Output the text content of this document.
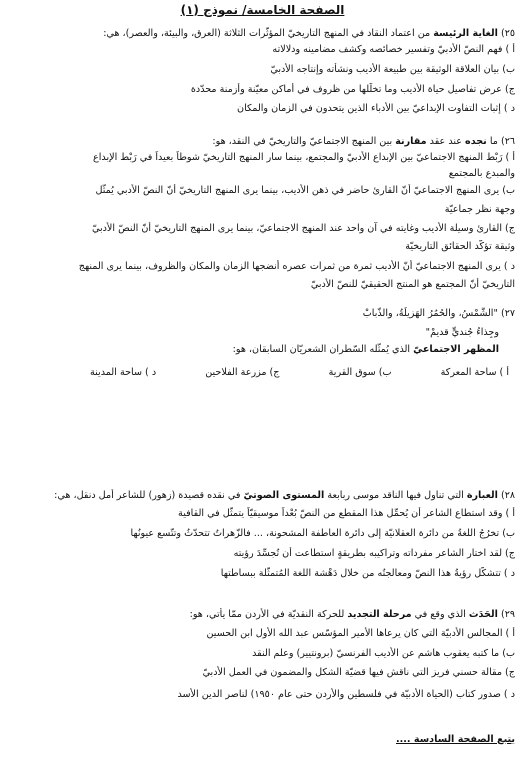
الصفحة الخامسة/ نموذج (١)
٢٥) الغاية الرئيسة من اعتماد النقاد في المنهج التاريخيّ المؤثّرات الثلاثة (العرق، والبيئة، والعصر)، هي:
أ ) فهم النصّ الأدبيّ وتفسير خصائصه وكشف مضامينه ودلالاته
ب) بيان العلاقة الوثيقة بين طبيعة الأديب ونشأته وإنتاجه الأدبيّ
ج) عرض تفاصيل حياة الأديب وما تخلّلها من ظروف في أماكن معيّنة وأزمنة محدّدة
د ) إثبات التفاوت الإبداعيّ بين الأدباء الذين يتحدون في الزمان والمكان
٢٦) ما نجده عند عقد مقارنة بين المنهج الاجتماعيّ والتاريخيّ في النقد، هو:
أ ) رَبْط المنهج الاجتماعيّ بين الإبداع الأدبيّ والمجتمع، بينما سار المنهج التاريخيّ شوطاً بعيداً في رَبْط الإبداع
والمبدع بالمجتمع
ب) يرى المنهج الاجتماعيّ أنّ القارئ حاضر في ذهن الأديب، بينما يرى المنهج التاريخيّ أنّ النصّ الأدبي يُمثّل
وجهة نظر جماعيّة
ج) القارئ وسيلة الأديب وغايته في آن واحد عند المنهج الاجتماعيّ، بينما يرى المنهج التاريخيّ أنّ النصّ الأدبيّ
وثيقة تؤكّد الحقائق التاريخيّة
د ) يرى المنهج الاجتماعيّ أنّ الأديب ثمرة من ثمرات عصره أنضجها الزمان والمكان والظروف، بينما يرى المنهج
التاريخيّ أنّ المجتمع هو المنتج الحقيقيّ للنصّ الأدبيّ
٢٧) "الشَّمْسُ، والحُمُرُ الهَزيلَةُ، والذُّبابْ
وجِذاءُ جُنديٍّ قديمْ"
المظهر الاجتماعيّ الذي يُمثّله السّطران الشعريّان السابقان، هو:
أ ) ساحة المعركة
ب) سوق القرية
ج) مزرعة الفلاحين
د ) ساحة المدينة
٢٨) العبارة التي تناول فيها الناقد موسى ربابعة المستوى الصوتيّ في نقده قصيدة (زهور) للشاعر أمل دنقل، هي:
أ ) وقد استطاع الشاعر أن يُحمِّل هذا المقطع من النصّ بُعْداً موسيقيّاً يتمثّل في القافية
ب) تخرُجُ اللغةُ من دائرة العقلانيّة إلى دائرة العاطفة المشحونة، ... فالزّهراتُ تتحدّثُ وتتّسع عيونُها
ج) لقد اختار الشاعر مفرداته وتراكيبه بطريقةٍ استطاعت أن تُجسِّدَ رؤيته
د ) تتشكّل رؤيةُ هذا النصّ ومعالجتُه من خلال دَهْشة اللغة المُتمثّلة ببساطتها
٢٩) الحَدَث الذي وقع في مرحلة التجديد للحركة النقديّة في الأردن ممّا يأتي، هو:
أ ) المجالس الأدبيّة التي كان يرعاها الأمير المؤسّس عبد الله الأول ابن الحسين
ب) ما كتبه يعقوب هاشم عن الأديب الفرنسيّ (برونتيير) وعلم النقد
ج) مقالة حسني فريز التي ناقش فيها قضيّة الشكل والمضمون في العمل الأدبيّ
د ) صدور كتاب (الحياة الأدبيّة في فلسطين والأردن حتى عام ١٩٥٠) لناصر الدين الأسد
يتبع الصفحة السادسة ....
